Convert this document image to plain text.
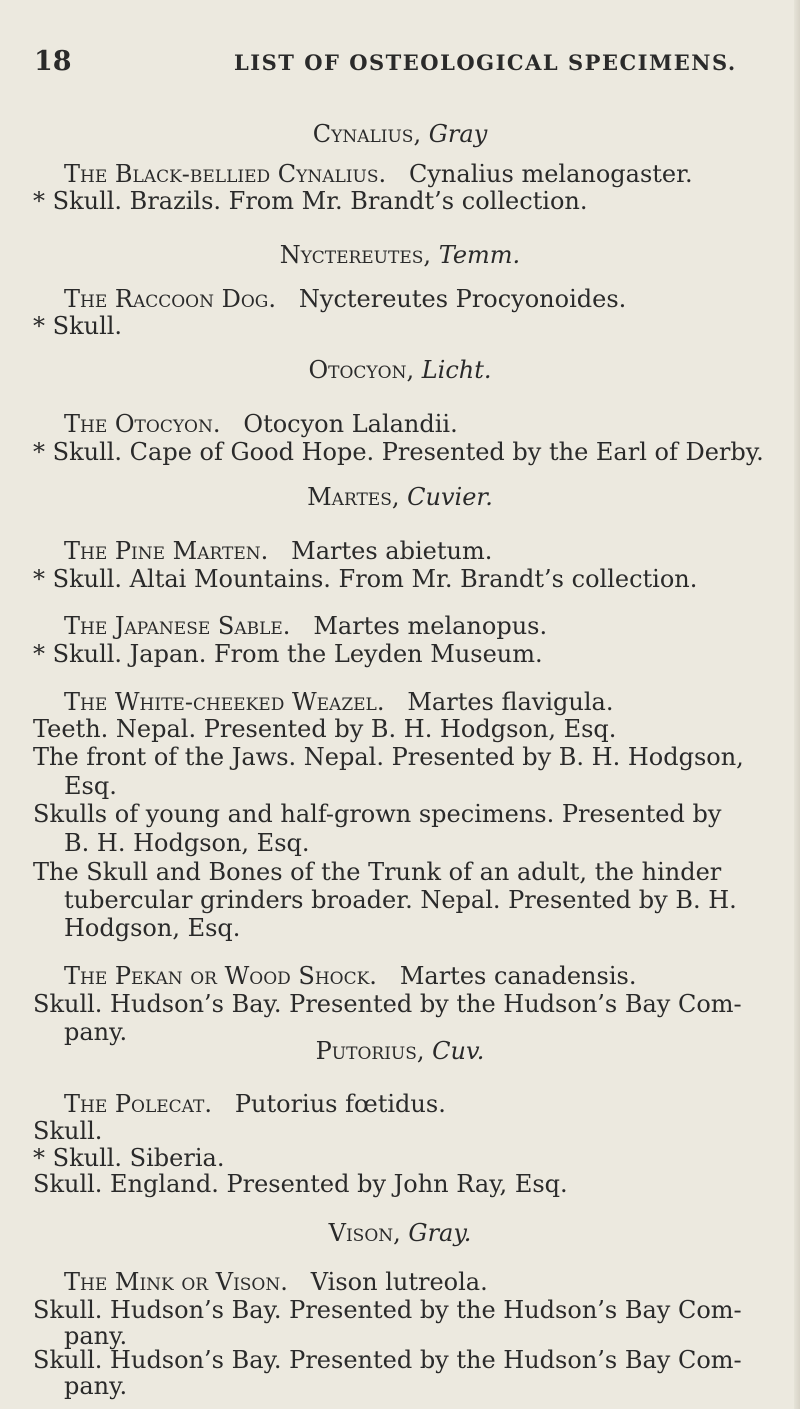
18	LIST OF OSTEOLOGICAL SPECIMENS.
Cynalius, Gray
The Black-bellied Cynalius. Cynalius melanogaster.
* Skull. Brazils. From Mr. Brandt’s collection.
Nyctereutes, Temm.
The Raccoon Dog. Nyctereutes Procyonoides.
* Skull.
Otocyon, Licht.
The Otocyon. Otocyon Lalandii.
* Skull. Cape of Good Hope. Presented by the Earl of Derby.
Martes, Cuvier.
The Pine Marten. Martes abietum.
* Skull. Altai Mountains. From Mr. Brandt’s collection.
The Japanese Sable. Martes melanopus.
* Skull. Japan. From the Leyden Museum.
The White-cheeked Weazel. Martes flavigula.
Teeth. Nepal. Presented by B. H. Hodgson, Esq.
The front of the Jaws. Nepal. Presented by B. H. Hodgson,
Esq.
Skulls of young and half-grown specimens. Presented by
B. H. Hodgson, Esq.
The Skull and Bones of the Trunk of an adult, the hinder
tubercular grinders broader. Nepal. Presented by B. H.
Hodgson, Esq.
The Pekan or Wood Shock. Martes canadensis.
Skull. Hudson’s Bay. Presented by the Hudson’s Bay Com-
pany.
Putorius, Cuv.
The Polecat. Putorius fœtidus.
Skull.
* Skull. Siberia.
Skull. England. Presented by John Ray, Esq.
Vison, Gray.
The Mink or Vison. Vison lutreola.
Skull. Hudson’s Bay. Presented by the Hudson’s Bay Com-
pany.
Skull. Hudson’s Bay. Presented by the Hudson’s Bay Com-
pany.
